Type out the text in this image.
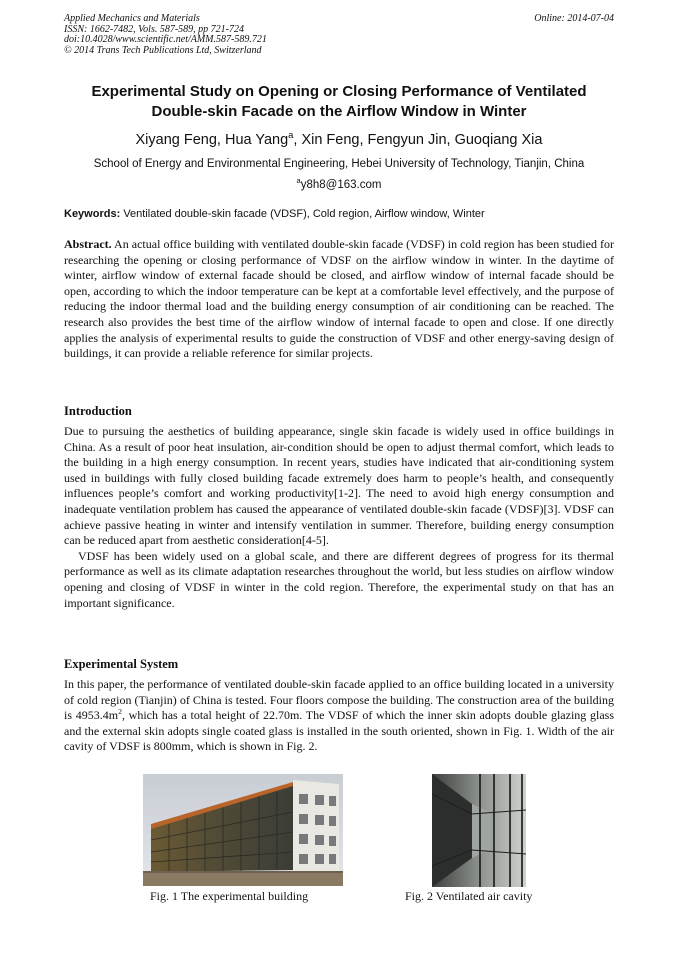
Applied Mechanics and Materials
ISSN: 1662-7482, Vols. 587-589, pp 721-724
doi:10.4028/www.scientific.net/AMM.587-589.721
© 2014 Trans Tech Publications Ltd, Switzerland
Online: 2014-07-04
Experimental Study on Opening or Closing Performance of Ventilated
Double-skin Facade on the Airflow Window in Winter
Xiyang Feng, Hua Yang$^a$, Xin Feng, Fengyun Jin, Guoqiang Xia
School of Energy and Environmental Engineering, Hebei University of Technology, Tianjin, China
$^a$y8h8@163.com
Keywords: Ventilated double-skin facade (VDSF), Cold region, Airflow window, Winter

Abstract. An actual office building with ventilated double-skin facade (VDSF) in cold region has been studied for researching the opening or closing performance of VDSF on the airflow window in winter. In the daytime of winter, airflow window of external facade should be closed, and airflow window of internal facade should be open, according to which the indoor temperature can be kept at a comfortable level effectively, and the purpose of reducing the indoor thermal load and the building energy consumption of air conditioning can be reached. The research also provides the best time of the airflow window of internal facade to open and close. If one directly applies the analysis of experimental results to guide the construction of VDSF and other energy-saving design of buildings, it can provide a reliable reference for similar projects.

Introduction

Due to pursuing the aesthetics of building appearance, single skin facade is widely used in office buildings in China. As a result of poor heat insulation, air-condition should be open to adjust thermal comfort, which leads to the building in a high energy consumption. In recent years, studies have indicated that air-conditioning system used in buildings with fully closed building facade extremely does harm to people’s health, and consequently influences people’s comfort and working productivity[1-2]. The need to avoid high energy consumption and inadequate ventilation problem has caused the appearance of ventilated double-skin facade (VDSF)[3]. VDSF can achieve passive heating in winter and intensify ventilation in summer. Therefore, building energy consumption can be reduced apart from aesthetic consideration[4-5].

VDSF has been widely used on a global scale, and there are different degrees of progress for its thermal performance as well as its climate adaptation researches throughout the world, but less studies on airflow window opening and closing of VDSF in winter in the cold region. Therefore, the experimental study on that has an important significance.

Experimental System

In this paper, the performance of ventilated double-skin facade applied to an office building located in a university of cold region (Tianjin) of China is tested. Four floors compose the building. The construction area of the building is $4953.4m^2$, which has a total height of 22.70m. The VDSF of which the inner skin adopts double glazing glass and the external skin adopts single coated glass is installed in the south oriented, shown in Fig. 1. Width of the air cavity of VDSF is 800mm, which is shown in Fig. 2.

Fig. 1 The experimental building	Fig. 2 Ventilated air cavity
